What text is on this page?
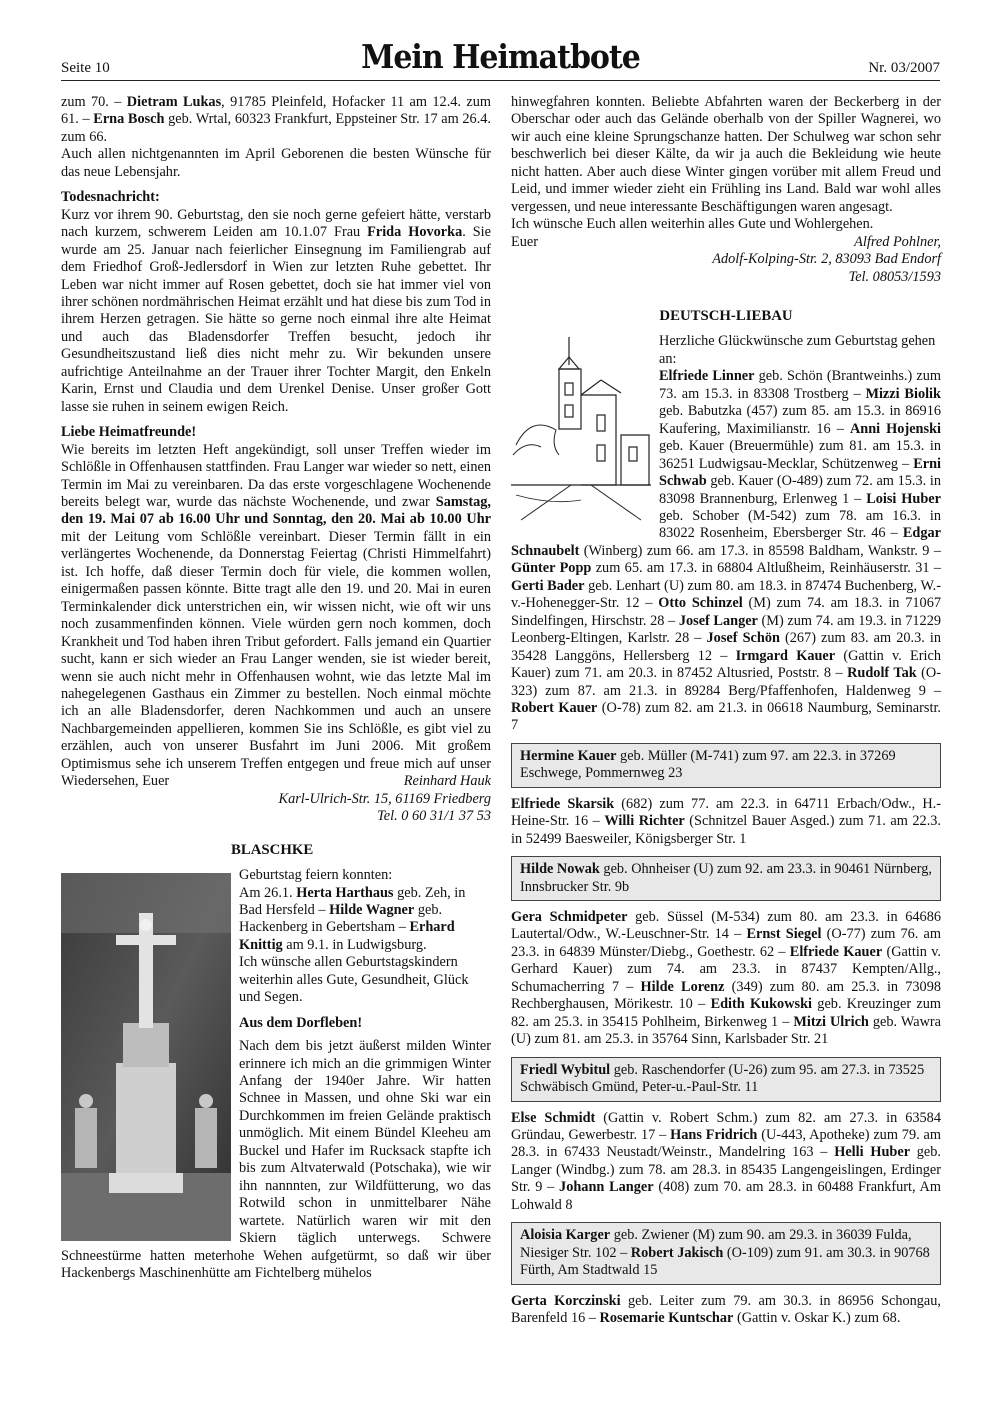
Seite 10	Mein Heimatbote	Nr. 03/2007

zum 70. – Dietram Lukas, 91785 Pleinfeld, Hofacker 11 am 12.4. zum 61. – Erna Bosch geb. Wrtal, 60323 Frankfurt, Eppsteiner Str. 17 am 26.4. zum 66.

Auch allen nichtgenannten im April Geborenen die besten Wünsche für das neue Lebensjahr.

Todesnachricht:

Kurz vor ihrem 90. Geburtstag, den sie noch gerne gefeiert hätte, verstarb nach kurzem, schwerem Leiden am 10.1.07 Frau Frida Hovorka. Sie wurde am 25. Januar nach feierlicher Einsegnung im Familiengrab auf dem Friedhof Groß-Jedlersdorf in Wien zur letzten Ruhe gebettet. Ihr Leben war nicht immer auf Rosen gebettet, doch sie hat immer viel von ihrer schönen nordmährischen Heimat erzählt und hat diese bis zum Tod in ihrem Herzen getragen. Sie hätte so gerne noch einmal ihre alte Heimat und auch das Bladensdorfer Treffen besucht, jedoch ihr Gesundheitszustand ließ dies nicht mehr zu. Wir bekunden unsere aufrichtige Anteilnahme an der Trauer ihrer Tochter Margit, den Enkeln Karin, Ernst und Claudia und dem Urenkel Denise. Unser großer Gott lasse sie ruhen in seinem ewigen Reich.

Liebe Heimatfreunde!

Wie bereits im letzten Heft angekündigt, soll unser Treffen wieder im Schlößle in Offenhausen stattfinden. Frau Langer war wieder so nett, einen Termin im Mai zu vereinbaren. Da das erste vorgeschlagene Wochenende bereits belegt war, wurde das nächste Wochenende, und zwar Samstag, den 19. Mai 07 ab 16.00 Uhr und Sonntag, den 20. Mai ab 10.00 Uhr mit der Leitung vom Schlößle vereinbart. Dieser Termin fällt in ein verlängertes Wochenende, da Donnerstag Feiertag (Christi Himmelfahrt) ist. Ich hoffe, daß dieser Termin doch für viele, die kommen wollen, einigermaßen passen könnte. Bitte tragt alle den 19. und 20. Mai in euren Terminkalender dick unterstrichen ein, wir wissen nicht, wie oft wir uns noch zusammenfinden können. Viele würden gern noch kommen, doch Krankheit und Tod haben ihren Tribut gefordert. Falls jemand ein Quartier sucht, kann er sich wieder an Frau Langer wenden, sie ist wieder bereit, wenn sie auch nicht mehr in Offenhausen wohnt, wie das letzte Mal im nahegelegenen Gasthaus ein Zimmer zu bestellen. Noch einmal möchte ich an alle Bladensdorfer, deren Nachkommen und auch an unsere Nachbargemeinden appellieren, kommen Sie ins Schlößle, es gibt viel zu erzählen, auch von unserer Busfahrt im Juni 2006. Mit großem Optimismus sehe ich unserem Treffen entgegen und freue mich auf unser Wiedersehen, Euer	Reinhard Hauk

Karl-Ulrich-Str. 15, 61169 Friedberg

Tel. 0 60 31/1 37 53

BLASCHKE

Geburtstag feiern konnten:

Am 26.1. Herta Harthaus geb. Zeh, in Bad Hersfeld – Hilde Wagner geb. Hackenberg in Gebertsham – Erhard Knittig am 9.1. in Ludwigsburg.

Ich wünsche allen Geburtstagskindern weiterhin alles Gute, Gesundheit, Glück und Segen.

Aus dem Dorfleben!

Nach dem bis jetzt äußerst milden Winter erinnere ich mich an die grimmigen Winter Anfang der 1940er Jahre. Wir hatten Schnee in Massen, und ohne Ski war ein Durchkommen im freien Gelände praktisch unmöglich. Mit einem Bündel Kleeheu am Buckel und Hafer im Rucksack stapfte ich bis zum Altvaterwald (Potschaka), wie wir ihn nannnten, zur Wildfütterung, wo das Rotwild schon in unmittelbarer Nähe wartete. Natürlich waren wir mit den Skiern täglich unterwegs. Schwere Schneestürme hatten meterhohe Wehen aufgetürmt, so daß wir über Hackenbergs Maschinenhütte am Fichtelberg mühelos

hinwegfahren konnten. Beliebte Abfahrten waren der Beckerberg in der Oberschar oder auch das Gelände oberhalb von der Spiller Wagnerei, wo wir auch eine kleine Sprungschanze hatten. Der Schulweg war schon sehr beschwerlich bei dieser Kälte, da wir ja auch die Bekleidung wie heute nicht hatten. Aber auch diese Winter gingen vorüber mit allem Freud und Leid, und immer wieder zieht ein Frühling ins Land. Bald war wohl alles vergessen, und neue interessante Beschäftigungen waren angesagt.

Ich wünsche Euch allen weiterhin alles Gute und Wohlergehen.

Euer	Alfred Pohlner,

Adolf-Kolping-Str. 2, 83093 Bad Endorf

Tel. 08053/1593

DEUTSCH-LIEBAU

Herzliche Glückwünsche zum Geburtstag gehen an:

Elfriede Linner geb. Schön (Brantweinhs.) zum 73. am 15.3. in 83308 Trostberg – Mizzi Biolik geb. Babutzka (457) zum 85. am 15.3. in 86916 Kaufering, Maximilianstr. 16 – Anni Hojenski geb. Kauer (Breuermühle) zum 81. am 15.3. in 36251 Ludwigsau-Mecklar, Schützenweg – Erni Schwab geb. Kauer (O-489) zum 72. am 15.3. in 83098 Brannenburg, Erlenweg 1 – Loisi Huber geb. Schober (M-542) zum 78. am 16.3. in 83022 Rosenheim, Ebersberger Str. 46 – Edgar Schnaubelt (Winberg) zum 66. am 17.3. in 85598 Baldham, Wankstr. 9 – Günter Popp zum 65. am 17.3. in 68804 Altlußheim, Reinhäuserstr. 31 – Gerti Bader geb. Lenhart (U) zum 80. am 18.3. in 87474 Buchenberg, W.-v.-Hohenegger-Str. 12 – Otto Schinzel (M) zum 74. am 18.3. in 71067 Sindelfingen, Hirschstr. 28 – Josef Langer (M) zum 74. am 19.3. in 71229 Leonberg-Eltingen, Karlstr. 28 – Josef Schön (267) zum 83. am 20.3. in 35428 Langgöns, Hellersberg 12 – Irmgard Kauer (Gattin v. Erich Kauer) zum 71. am 20.3. in 87452 Altusried, Poststr. 8 – Rudolf Tak (O-323) zum 87. am 21.3. in 89284 Berg/Pfaffenhofen, Haldenweg 9 – Robert Kauer (O-78) zum 82. am 21.3. in 06618 Naumburg, Seminarstr. 7

Hermine Kauer geb. Müller (M-741) zum 97. am 22.3. in 37269 Eschwege, Pommernweg 23

Elfriede Skarsik (682) zum 77. am 22.3. in 64711 Erbach/Odw., H.-Heine-Str. 16 – Willi Richter (Schnitzel Bauer Asged.) zum 71. am 22.3. in 52499 Baesweiler, Königsberger Str. 1

Hilde Nowak geb. Ohnheiser (U) zum 92. am 23.3. in 90461 Nürnberg, Innsbrucker Str. 9b

Gera Schmidpeter geb. Süssel (M-534) zum 80. am 23.3. in 64686 Lautertal/Odw., W.-Leuschner-Str. 14 – Ernst Siegel (O-77) zum 76. am 23.3. in 64839 Münster/Diebg., Goethestr. 62 – Elfriede Kauer (Gattin v. Gerhard Kauer) zum 74. am 23.3. in 87437 Kempten/Allg., Schumacherring 7 – Hilde Lorenz (349) zum 80. am 25.3. in 73098 Rechberghausen, Mörikestr. 10 – Edith Kukowski geb. Kreuzinger zum 82. am 25.3. in 35415 Pohlheim, Birkenweg 1 – Mitzi Ulrich geb. Wawra (U) zum 81. am 25.3. in 35764 Sinn, Karlsbader Str. 21

Friedl Wybitul geb. Raschendorfer (U-26) zum 95. am 27.3. in 73525 Schwäbisch Gmünd, Peter-u.-Paul-Str. 11

Else Schmidt (Gattin v. Robert Schm.) zum 82. am 27.3. in 63584 Gründau, Gewerbestr. 17 – Hans Fridrich (U-443, Apotheke) zum 79. am 28.3. in 67433 Neustadt/Weinstr., Mandelring 163 – Helli Huber geb. Langer (Windbg.) zum 78. am 28.3. in 85435 Langengeislingen, Erdinger Str. 9 – Johann Langer (408) zum 70. am 28.3. in 60488 Frankfurt, Am Lohwald 8

Aloisia Karger geb. Zwiener (M) zum 90. am 29.3. in 36039 Fulda, Niesiger Str. 102 – Robert Jakisch (O-109) zum 91. am 30.3. in 90768 Fürth, Am Stadtwald 15

Gerta Korczinski geb. Leiter zum 79. am 30.3. in 86956 Schongau, Barenfeld 16 – Rosemarie Kuntschar (Gattin v. Oskar K.) zum 68.
